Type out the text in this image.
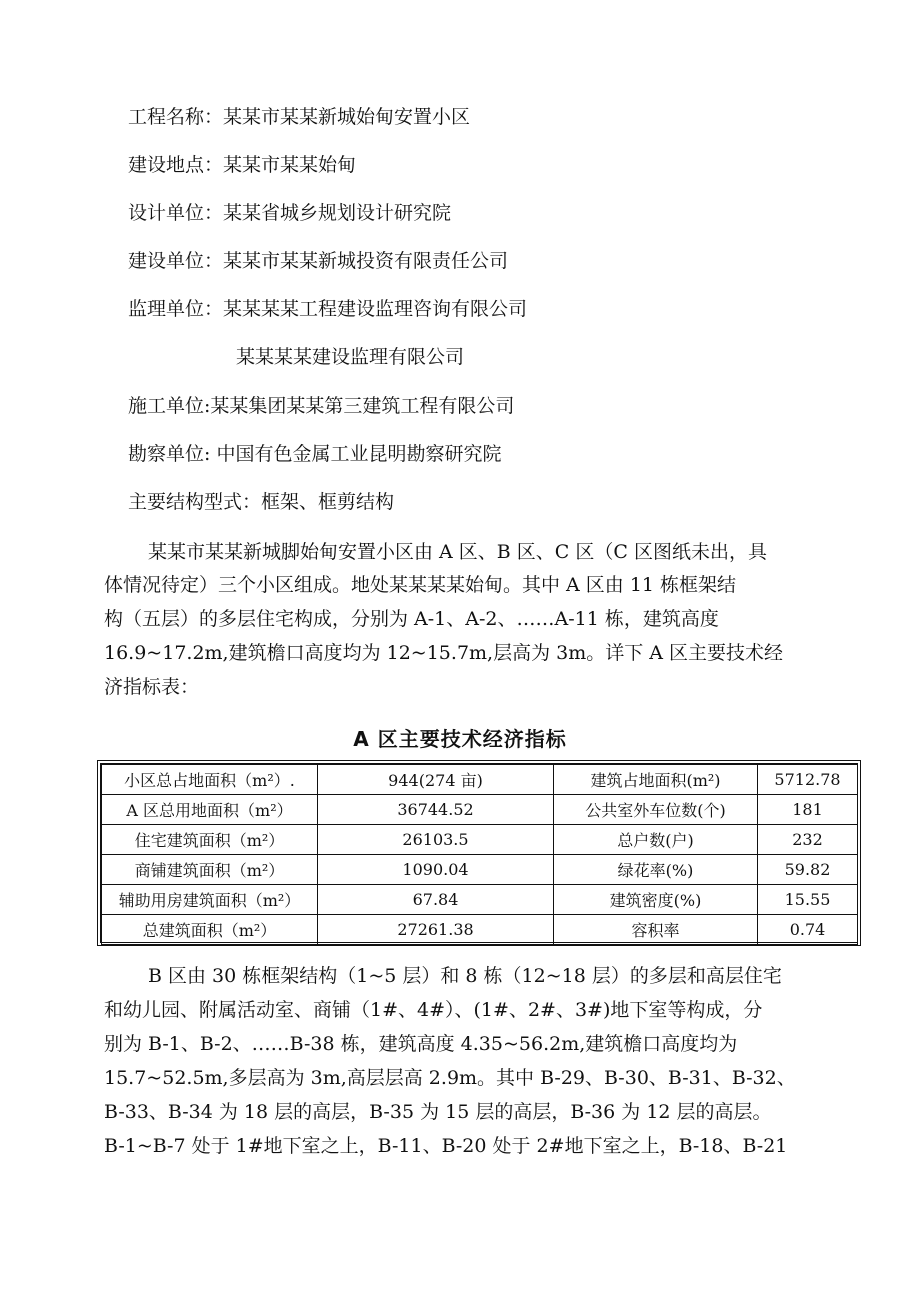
工程名称：某某市某某新城始甸安置小区
建设地点：某某市某某始甸
设计单位：某某省城乡规划设计研究院
建设单位：某某市某某新城投资有限责任公司
监理单位：某某某某工程建设监理咨询有限公司
某某某某建设监理有限公司
施工单位:某某集团某某第三建筑工程有限公司
勘察单位: 中国有色金属工业昆明勘察研究院
主要结构型式：框架、框剪结构
某某市某某新城脚始甸安置小区由 A 区、B 区、C 区（C 区图纸未出，具
体情况待定）三个小区组成。地处某某某某始甸。其中 A 区由 11 栋框架结
构（五层）的多层住宅构成，分别为 A-1、A-2、……A-11 栋，建筑高度
16.9~17.2m,建筑檐口高度均为 12~15.7m,层高为 3m。详下 A 区主要技术经
济指标表：
A 区主要技术经济指标
小区总占地面积（m²）.	944(274 亩)	建筑占地面积(m²)	5712.78
A 区总用地面积（m²）	36744.52	公共室外车位数(个)	181
住宅建筑面积（m²）	26103.5	总户数(户)	232
商铺建筑面积（m²）	1090.04	绿花率(%)	59.82
辅助用房建筑面积（m²）	67.84	建筑密度(%)	15.55
总建筑面积（m²）	27261.38	容积率	0.74
B 区由 30 栋框架结构（1~5 层）和 8 栋（12~18 层）的多层和高层住宅
和幼儿园、附属活动室、商铺（1#、4#）、(1#、2#、3#)地下室等构成，分
别为 B-1、B-2、……B-38 栋，建筑高度 4.35~56.2m,建筑檐口高度均为
15.7~52.5m,多层高为 3m,高层层高 2.9m。其中 B-29、B-30、B-31、B-32、
B-33、B-34 为 18 层的高层，B-35 为 15 层的高层，B-36 为 12 层的高层。
B-1~B-7 处于 1#地下室之上，B-11、B-20 处于 2#地下室之上，B-18、B-21
